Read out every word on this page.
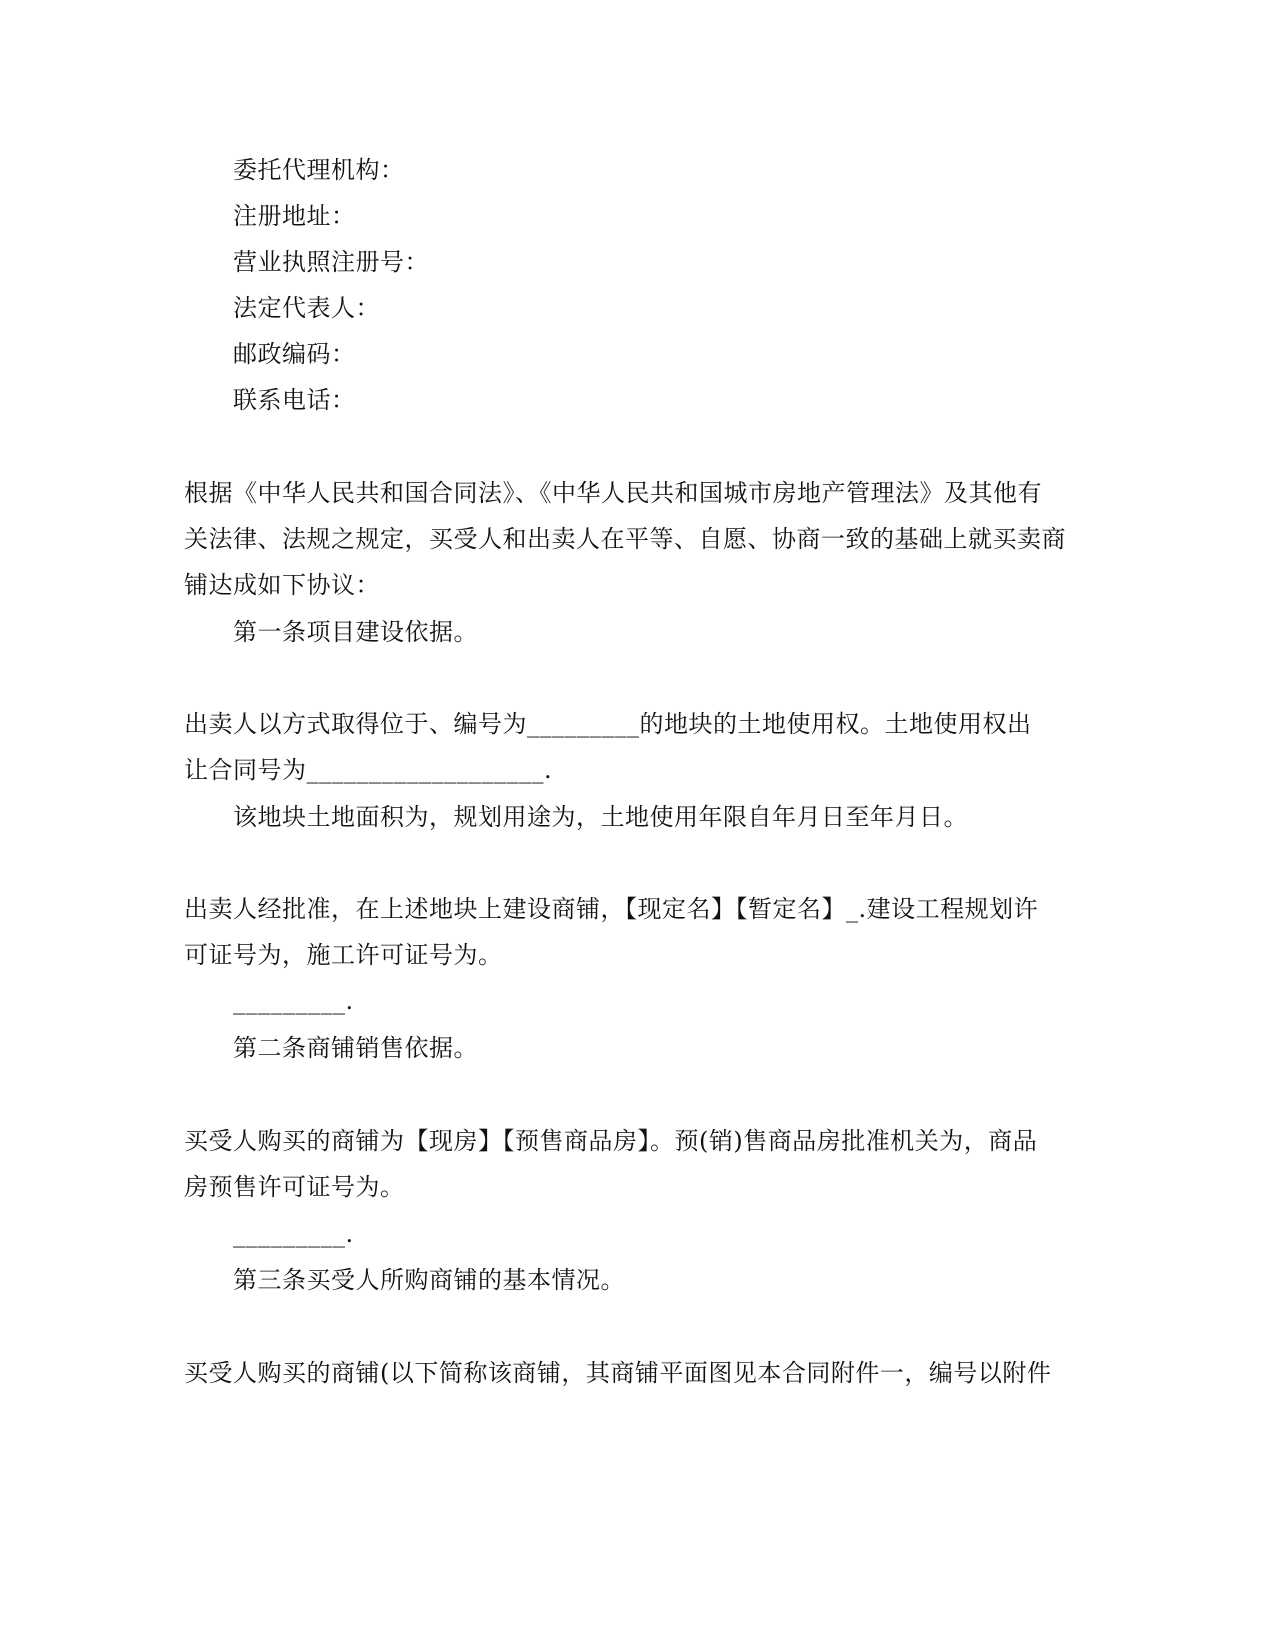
委托代理机构：
注册地址：
营业执照注册号：
法定代表人：
邮政编码：
联系电话：
根据《中华人民共和国合同法》、《中华人民共和国城市房地产管理法》及其他有
关法律、法规之规定，买受人和出卖人在平等、自愿、协商一致的基础上就买卖商
铺达成如下协议：
第一条项目建设依据。
出卖人以方式取得位于、编号为_________的地块的土地使用权。土地使用权出
让合同号为___________________.
该地块土地面积为，规划用途为，土地使用年限自年月日至年月日。
出卖人经批准，在上述地块上建设商铺，【现定名】【暂定名】_.建设工程规划许
可证号为，施工许可证号为。
_________.
第二条商铺销售依据。
买受人购买的商铺为【现房】【预售商品房】。预(销)售商品房批准机关为，商品
房预售许可证号为。
_________.
第三条买受人所购商铺的基本情况。
买受人购买的商铺(以下简称该商铺，其商铺平面图见本合同附件一，编号以附件
